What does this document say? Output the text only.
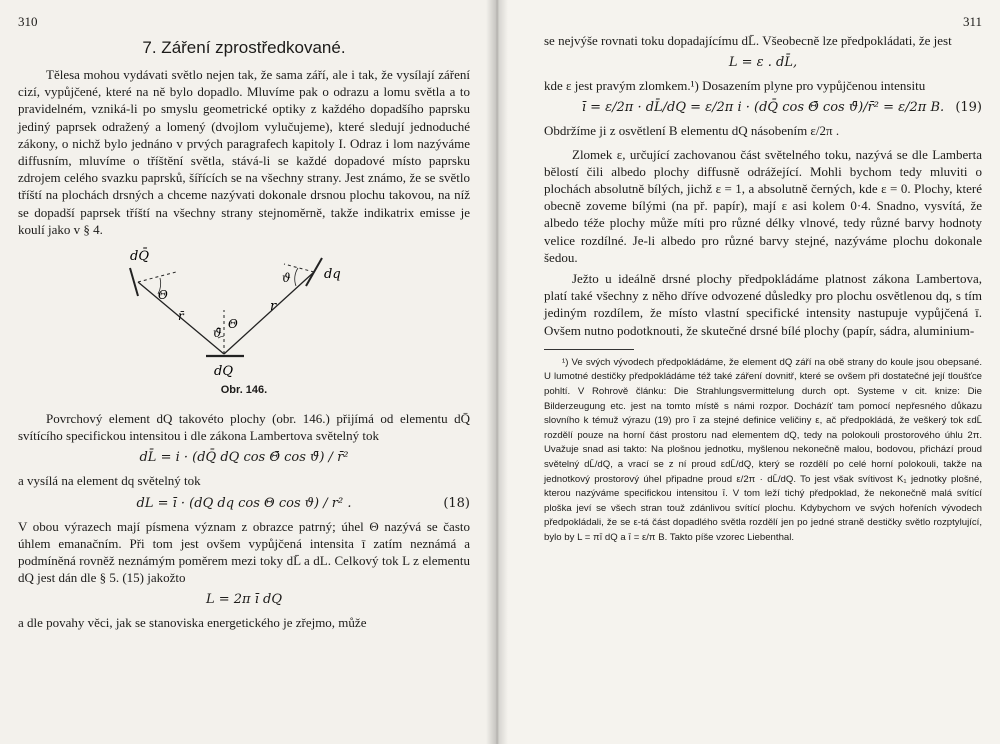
310
7. Záření zprostředkované.

Tělesa mohou vydávati světlo nejen tak, že sama září, ale i tak, že vysílají záření cizí, vypůjčené, které na ně bylo dopadlo. Mluvíme pak o odrazu a lomu světla a to pravidelném, vzniká-li po smyslu geometrické optiky z každého dopadšího paprsku jediný paprsek odražený a lomený (dvojlom vylučujeme), které sledují jednoduché zákony, o nichž bylo jednáno v prvých paragrafech kapitoly I. Odraz i lom nazýváme diffusním, mluvíme o tříštění světla, stává-li se každé dopadové místo paprsku zdrojem celého svazku paprsků, šířících se na všechny strany. Jest známo, že se světlo tříští na plochách drsných a chceme nazývati dokonale drsnou plochu takovou, na níž se dopadší paprsek tříští na všechny strany stejnoměrně, takže indikatrix emisse je koulí jako v § 4.

dQ̄
Θ
r̄
ϑ̄
Θ
r
dq
ϑ
dQ
Obr. 146.

Povrchový element dQ takovéto plochy (obr. 146.) přijímá od elementu dQ̄ svítícího specifickou intensitou i dle zákona Lambertova světelný tok

dL̄ = i · (dQ̄ dQ cos Θ̄ cos ϑ̄) / r̄²

a vysílá na element dq světelný tok

dL = ī · (dQ dq cos Θ cos ϑ) / r² .	(18)

V obou výrazech mají písmena význam z obrazce patrný; úhel Θ nazývá se často úhlem emanačním. Při tom jest ovšem vypůjčená intensita ī zatím neznámá a podmíněná rovněž neznámým poměrem mezi toky dL̄ a dL. Celkový tok L z elementu dQ jest dán dle § 5. (15) jakožto

L = 2π ī dQ

a dle povahy věci, jak se stanoviska energetického je zřejmo, může

311

se nejvýše rovnati toku dopadajícímu dL̄. Všeobecně lze předpokládati, že jest

L = ε . dL̄,

kde ε jest pravým zlomkem.¹) Dosazením plyne pro vypůjčenou intensitu

ī = ε/2π · dL̄/dQ = ε/2π i · (dQ̄ cos Θ̄ cos ϑ̄)/r̄² = ε/2π B. (19)

Obdržíme ji z osvětlení B elementu dQ násobením ε/2π .

Zlomek ε, určující zachovanou část světelného toku, nazývá se dle Lamberta bělostí čili albedo plochy diffusně odrážející. Mohli bychom tedy mluviti o plochách absolutně bílých, jichž ε = 1, a absolutně černých, kde ε = 0. Plochy, které obecně zoveme bílými (na př. papír), mají ε asi kolem 0·4. Snadno, vysvítá, že albedo téže plochy může míti pro různé délky vlnové, tedy různé barvy hodnoty velice rozdílné. Je-li albedo pro různé barvy stejné, nazýváme plochu dokonale šedou.

Ježto u ideálně drsné plochy předpokládáme platnost zákona Lambertova, platí také všechny z něho dříve odvozené důsledky pro plochu osvětlenou dq, s tím jediným rozdílem, že místo vlastní specifické intensity nastupuje vypůjčená ī. Ovšem nutno podotknouti, že skutečné drsné bílé plochy (papír, sádra, aluminium-

¹) Ve svých vývodech předpokládáme, že element dQ září na obě strany do koule jsou obepsané. U lumotné destičky předpokládáme též také záření dovnitř, které se ovšem při dostatečné její tloušťce pohltí. V Rohrově článku: Die Strahlungsvermittelung durch opt. Systeme v cit. knize: Die Bilderzeugung etc. jest na tomto místě s námi rozpor. Docházíť tam pomocí nepřesného důkazu slovního k témuž výrazu (19) pro ī za stejné definice veličiny ε, ač předpokládá, že veškerý tok εdL̄ rozdělí pouze na horní část prostoru nad elementem dQ, tedy na polokouli prostorového úhlu 2π. Uvažuje snad asi takto: Na plošnou jednotku, myšlenou nekonečně malou, bodovou, přichází proud světelný dL̄/dQ, a vrací se z ní proud εdL̄/dQ, který se rozdělí po celé horní polokouli, takže na jednotkový prostorový úhel připadne proud ε/2π · dL̄/dQ. To jest však svítivost K₁ jednotky plošné, kterou nazýváme specifickou intensitou ī. V tom leží tichý předpoklad, že nekonečně malá svítící ploška jeví se všech stran touž zdánlivou svítící plochu. Kdybychom ve svých hořeních vývodech předpokládali, že se ε-tá část dopadlého světla rozdělí jen po jedné straně destičky světlo rozptylující, bylo by L = πī dQ a ī = ε/π B. Takto píše vzorec Liebenthal.
